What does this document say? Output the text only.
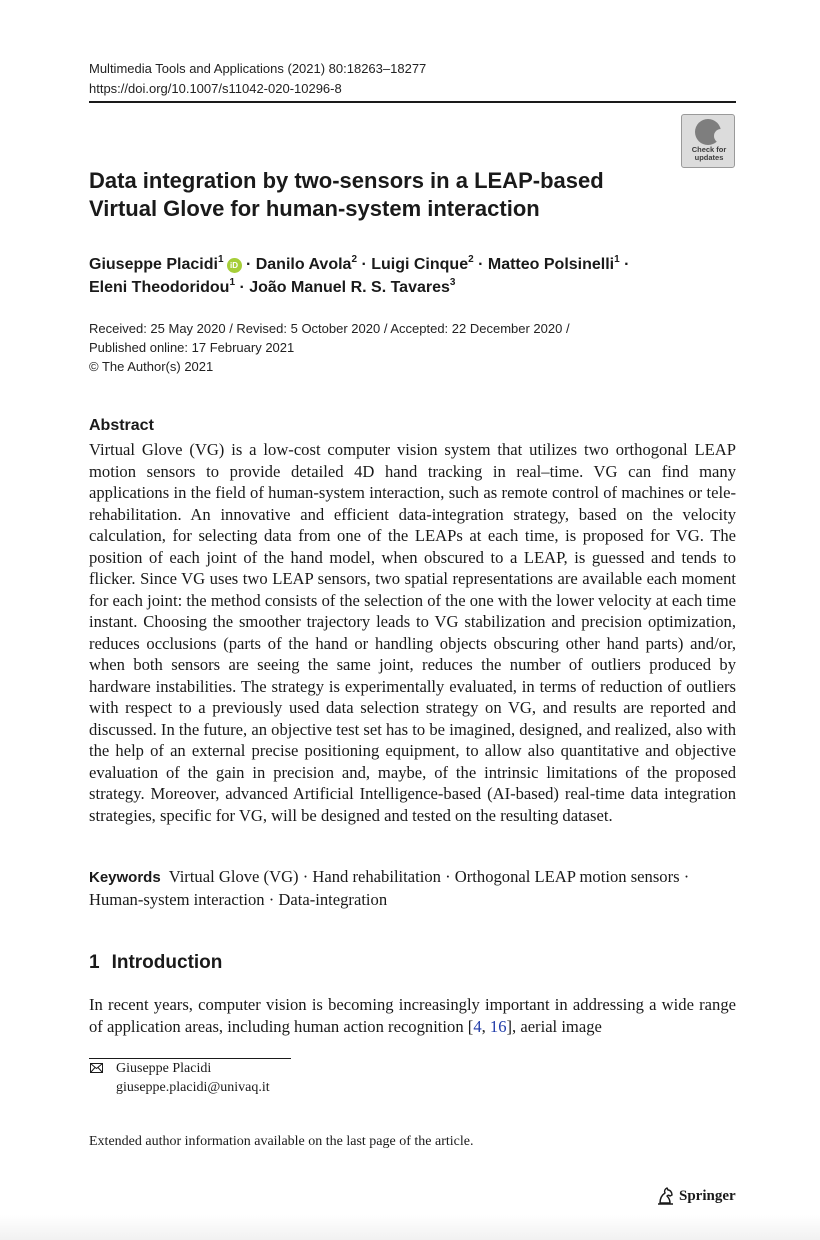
Multimedia Tools and Applications (2021) 80:18263–18277
https://doi.org/10.1007/s11042-020-10296-8
Check for
updates
Data integration by two-sensors in a LEAP-based
Virtual Glove for human-system interaction
Giuseppe Placidi$^1$iD · Danilo Avola$^2$ · Luigi Cinque$^2$ · Matteo Polsinelli$^1$ ·
Eleni Theodoridou$^1$ · João Manuel R. S. Tavares$^3$
Received: 25 May 2020 / Revised: 5 October 2020 / Accepted: 22 December 2020 /
Published online: 17 February 2021
© The Author(s) 2021
Abstract

Virtual Glove (VG) is a low-cost computer vision system that utilizes two orthogonal LEAP motion sensors to provide detailed 4D hand tracking in real–time. VG can find many applications in the field of human-system interaction, such as remote control of machines or tele-rehabilitation. An innovative and efficient data-integration strategy, based on the velocity calculation, for selecting data from one of the LEAPs at each time, is proposed for VG. The position of each joint of the hand model, when obscured to a LEAP, is guessed and tends to flicker. Since VG uses two LEAP sensors, two spatial representations are available each moment for each joint: the method consists of the selection of the one with the lower velocity at each time instant. Choosing the smoother trajectory leads to VG stabilization and precision optimization, reduces occlusions (parts of the hand or handling objects obscuring other hand parts) and/or, when both sensors are seeing the same joint, reduces the number of outliers produced by hardware instabilities. The strategy is experimentally evaluated, in terms of reduction of outliers with respect to a previously used data selection strategy on VG, and results are reported and discussed. In the future, an objective test set has to be imagined, designed, and realized, also with the help of an external precise positioning equipment, to allow also quantitative and objective evaluation of the gain in precision and, maybe, of the intrinsic limitations of the proposed strategy. Moreover, advanced Artificial Intelligence-based (AI-based) real-time data integration strategies, specific for VG, will be designed and tested on the resulting dataset.

Keywords Virtual Glove (VG) · Hand rehabilitation · Orthogonal LEAP motion sensors · Human-system interaction · Data-integration
1 Introduction

In recent years, computer vision is becoming increasingly important in addressing a wide range of application areas, including human action recognition [4, 16], aerial image

Giuseppe Placidi
giuseppe.placidi@univaq.it
Extended author information available on the last page of the article.
Springer
